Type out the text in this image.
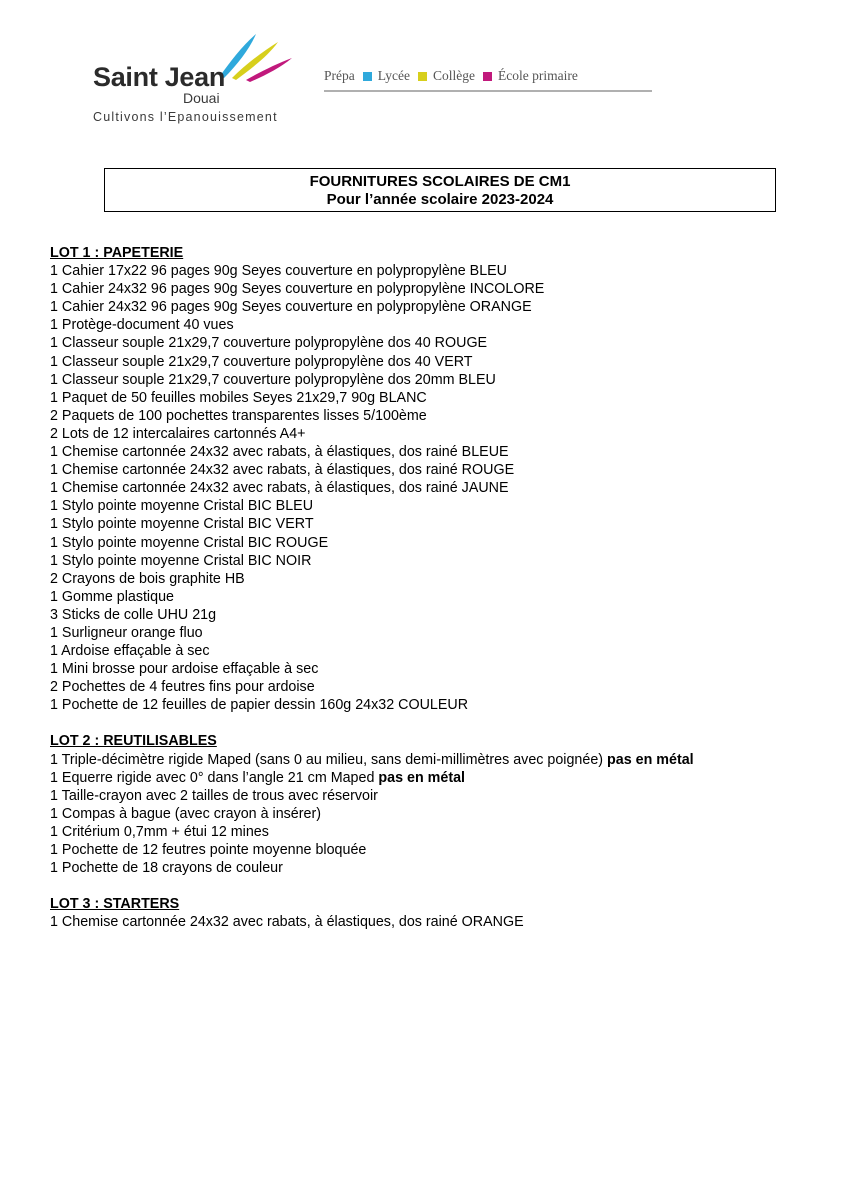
Saint Jean
Douai
Cultivons l’Epanouissement
Prépa Lycée Collège École primaire
FOURNITURES SCOLAIRES DE CM1
Pour l’année scolaire 2023-2024
LOT 1 : PAPETERIE
1 Cahier 17x22 96 pages 90g Seyes couverture en polypropylène BLEU
1 Cahier 24x32 96 pages 90g Seyes couverture en polypropylène INCOLORE
1 Cahier 24x32 96 pages 90g Seyes couverture en polypropylène ORANGE
1 Protège-document 40 vues
1 Classeur souple 21x29,7 couverture polypropylène dos 40 ROUGE
1 Classeur souple 21x29,7 couverture polypropylène dos 40 VERT
1 Classeur souple 21x29,7 couverture polypropylène dos 20mm BLEU
1 Paquet de 50 feuilles mobiles Seyes 21x29,7 90g BLANC
2 Paquets de 100 pochettes transparentes lisses 5/100ème
2 Lots de 12 intercalaires cartonnés A4+
1 Chemise cartonnée 24x32 avec rabats, à élastiques, dos rainé BLEUE
1 Chemise cartonnée 24x32 avec rabats, à élastiques, dos rainé ROUGE
1 Chemise cartonnée 24x32 avec rabats, à élastiques, dos rainé JAUNE
1 Stylo pointe moyenne Cristal BIC BLEU
1 Stylo pointe moyenne Cristal BIC VERT
1 Stylo pointe moyenne Cristal BIC ROUGE
1 Stylo pointe moyenne Cristal BIC NOIR
2 Crayons de bois graphite HB
1 Gomme plastique
3 Sticks de colle UHU 21g
1 Surligneur orange fluo
1 Ardoise effaçable à sec
1 Mini brosse pour ardoise effaçable à sec
2 Pochettes de 4 feutres fins pour ardoise
1 Pochette de 12 feuilles de papier dessin 160g 24x32 COULEUR
LOT 2 : REUTILISABLES
1 Triple-décimètre rigide Maped (sans 0 au milieu, sans demi-millimètres avec poignée) pas en métal
1 Equerre rigide avec 0° dans l’angle 21 cm Maped pas en métal
1 Taille-crayon avec 2 tailles de trous avec réservoir
1 Compas à bague (avec crayon à insérer)
1 Critérium 0,7mm + étui 12 mines
1 Pochette de 12 feutres pointe moyenne bloquée
1 Pochette de 18 crayons de couleur
LOT 3 : STARTERS
1 Chemise cartonnée 24x32 avec rabats, à élastiques, dos rainé ORANGE
